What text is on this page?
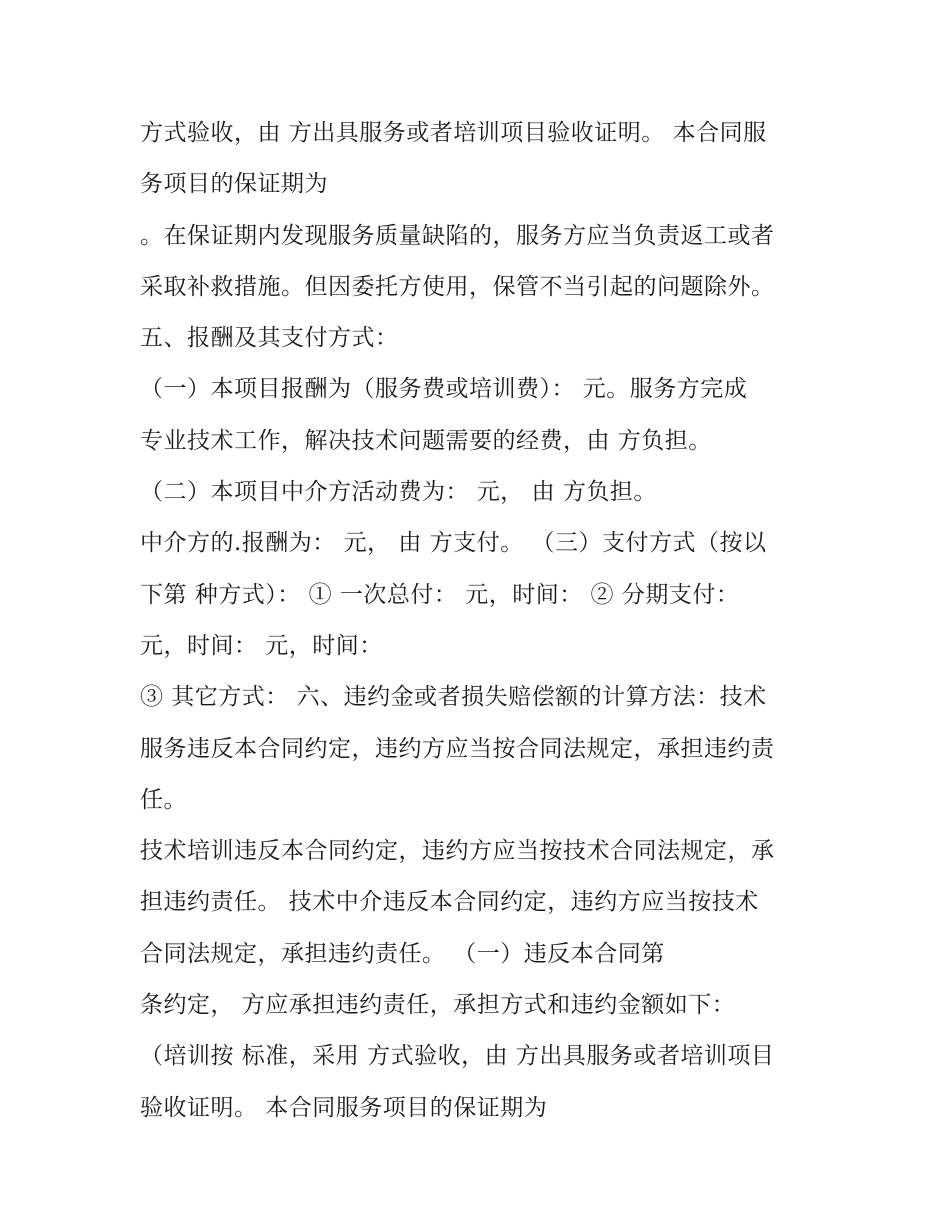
方式验收，由 方出具服务或者培训项目验收证明。 本合同服
务项目的保证期为
。在保证期内发现服务质量缺陷的，服务方应当负责返工或者
采取补救措施。但因委托方使用，保管不当引起的问题除外。
五、报酬及其支付方式：
（一）本项目报酬为（服务费或培训费）： 元。服务方完成
专业技术工作，解决技术问题需要的经费，由 方负担。
（二）本项目中介方活动费为： 元， 由 方负担。
中介方的.报酬为： 元， 由 方支付。 （三）支付方式（按以
下第 种方式）： ① 一次总付： 元，时间： ② 分期支付：
元，时间： 元，时间：
③ 其它方式： 六、违约金或者损失赔偿额的计算方法：技术
服务违反本合同约定，违约方应当按合同法规定，承担违约责
任。
技术培训违反本合同约定，违约方应当按技术合同法规定，承
担违约责任。 技术中介违反本合同约定，违约方应当按技术
合同法规定，承担违约责任。 （一）违反本合同第
条约定， 方应承担违约责任，承担方式和违约金额如下：
（培训按 标准，采用 方式验收，由 方出具服务或者培训项目
验收证明。 本合同服务项目的保证期为
